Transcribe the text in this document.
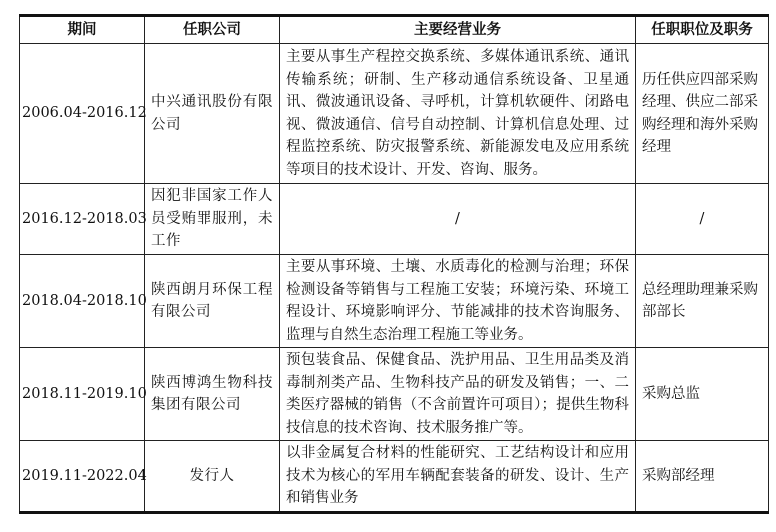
期间	任职公司	主要经营业务	任职职位及职务
2006.04-2016.12	中兴通讯股份有限公司	主要从事生产程控交换系统、多媒体通讯系统、通讯传输系统；研制、生产移动通信系统设备、卫星通讯、微波通讯设备、寻呼机，计算机软硬件、闭路电视、微波通信、信号自动控制、计算机信息处理、过程监控系统、防灾报警系统、新能源发电及应用系统等项目的技术设计、开发、咨询、服务。	历任供应四部采购经理、供应二部采购经理和海外采购经理
2016.12-2018.03	因犯非国家工作人员受贿罪服刑，未工作	/	/
2018.04-2018.10	陕西朗月环保工程有限公司	主要从事环境、土壤、水质毒化的检测与治理；环保检测设备等销售与工程施工安装；环境污染、环境工程设计、环境影响评分、节能减排的技术咨询服务、监理与自然生态治理工程施工等业务。	总经理助理兼采购部部长
2018.11-2019.10	陕西博鸿生物科技集团有限公司	预包装食品、保健食品、洗护用品、卫生用品类及消毒制剂类产品、生物科技产品的研发及销售；一、二类医疗器械的销售（不含前置许可项目）；提供生物科技信息的技术咨询、技术服务推广等。	采购总监
2019.11-2022.04	发行人	以非金属复合材料的性能研究、工艺结构设计和应用技术为核心的军用车辆配套装备的研发、设计、生产和销售业务	采购部经理
